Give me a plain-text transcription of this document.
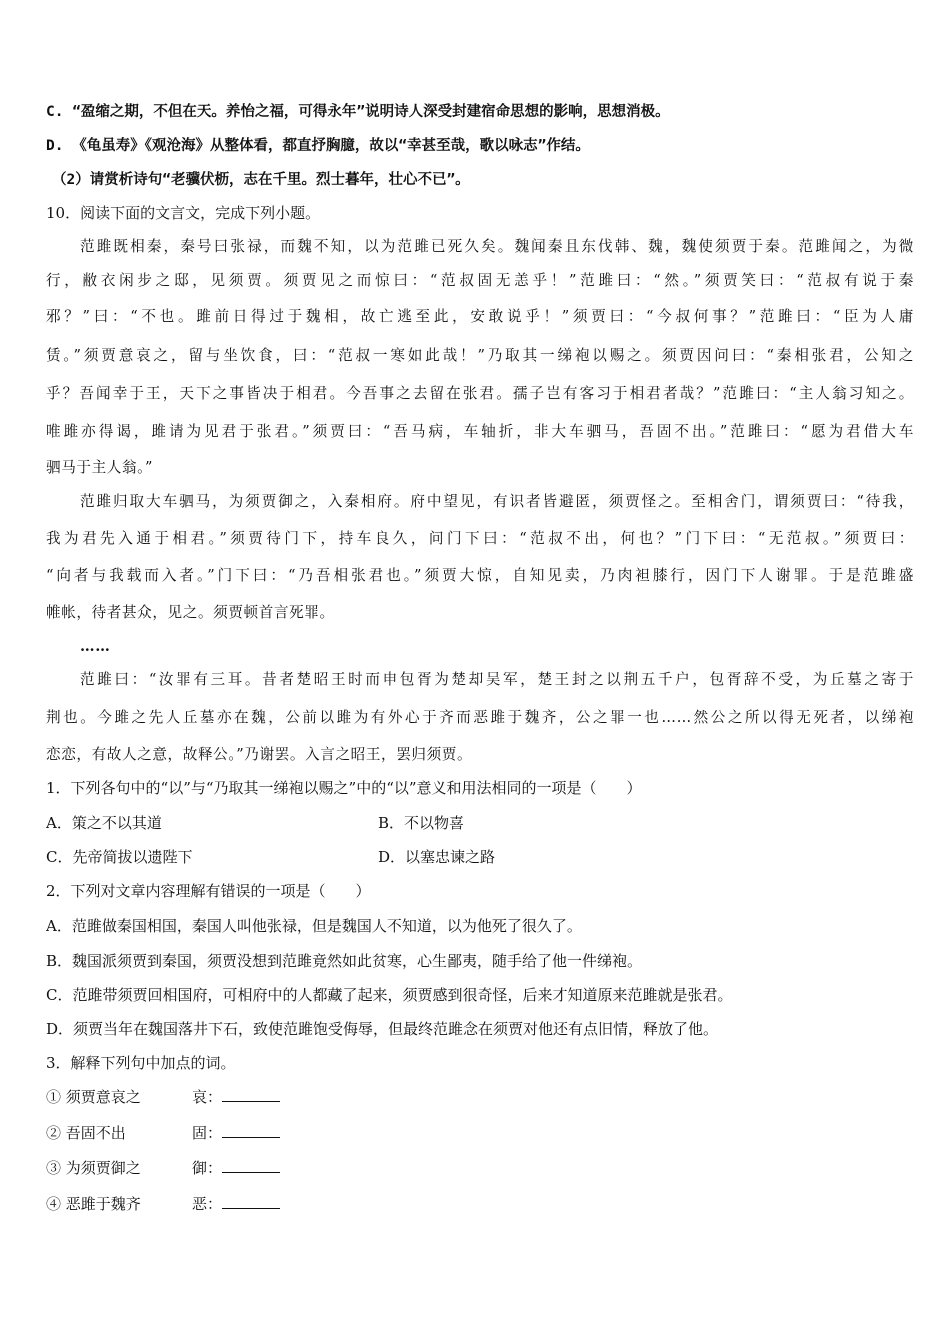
C. “盈缩之期，不但在天。养怡之福，可得永年”说明诗人深受封建宿命思想的影响，思想消极。
D. 《龟虽寿》《观沧海》从整体看，都直抒胸臆，故以“幸甚至哉，歌以咏志”作结。
（2）请赏析诗句“老骥伏枥，志在千里。烈士暮年，壮心不已”。
10．阅读下面的文言文，完成下列小题。
范雎既相秦，秦号曰张禄，而魏不知，以为范雎已死久矣。魏闻秦且东伐韩、魏，魏使须贾于秦。范雎闻之，为微
行，敝衣闲步之邸，见须贾。须贾见之而惊曰：“范叔固无恙乎！”范雎曰：“然。”须贾笑曰：“范叔有说于秦
邪？”曰：“不也。雎前日得过于魏相，故亡逃至此，安敢说乎！”须贾曰：“今叔何事？”范雎曰：“臣为人庸
赁。”须贾意哀之，留与坐饮食，曰：“范叔一寒如此哉！”乃取其一绨袍以赐之。须贾因问曰：“秦相张君，公知之
乎？吾闻幸于王，天下之事皆决于相君。今吾事之去留在张君。孺子岂有客习于相君者哉？”范雎曰：“主人翁习知之。
唯雎亦得谒，雎请为见君于张君。”须贾曰：“吾马病，车轴折，非大车驷马，吾固不出。”范雎曰：“愿为君借大车
驷马于主人翁。”
范雎归取大车驷马，为须贾御之，入秦相府。府中望见，有识者皆避匿，须贾怪之。至相舍门，谓须贾曰：“待我，
我为君先入通于相君。”须贾待门下，持车良久，问门下曰：“范叔不出，何也？”门下曰：“无范叔。”须贾曰：
“向者与我载而入者。”门下曰：“乃吾相张君也。”须贾大惊，自知见卖，乃肉袒膝行，因门下人谢罪。于是范雎盛
帷帐，待者甚众，见之。须贾顿首言死罪。
……
范雎曰：“汝罪有三耳。昔者楚昭王时而申包胥为楚却吴军，楚王封之以荆五千户，包胥辞不受，为丘墓之寄于
荆也。今雎之先人丘墓亦在魏，公前以雎为有外心于齐而恶雎于魏齐，公之罪一也……然公之所以得无死者，以绨袍
恋恋，有故人之意，故释公。”乃谢罢。入言之昭王，罢归须贾。
1．下列各句中的“以”与“乃取其一绨袍以赐之”中的“以”意义和用法相同的一项是（　　）
A．策之不以其道	B．不以物喜
C．先帝简拔以遗陛下	D．以塞忠谏之路
2．下列对文章内容理解有错误的一项是（　　）
A．范雎做秦国相国，秦国人叫他张禄，但是魏国人不知道，以为他死了很久了。
B．魏国派须贾到秦国，须贾没想到范雎竟然如此贫寒，心生鄙夷，随手给了他一件绨袍。
C．范雎带须贾回相国府，可相府中的人都藏了起来，须贾感到很奇怪，后来才知道原来范雎就是张君。
D．须贾当年在魏国落井下石，致使范雎饱受侮辱，但最终范雎念在须贾对他还有点旧情，释放了他。
3．解释下列句中加点的词。
① 须贾意哀之	哀：
② 吾固不出	固：
③ 为须贾御之	御：
④ 恶雎于魏齐	恶：
